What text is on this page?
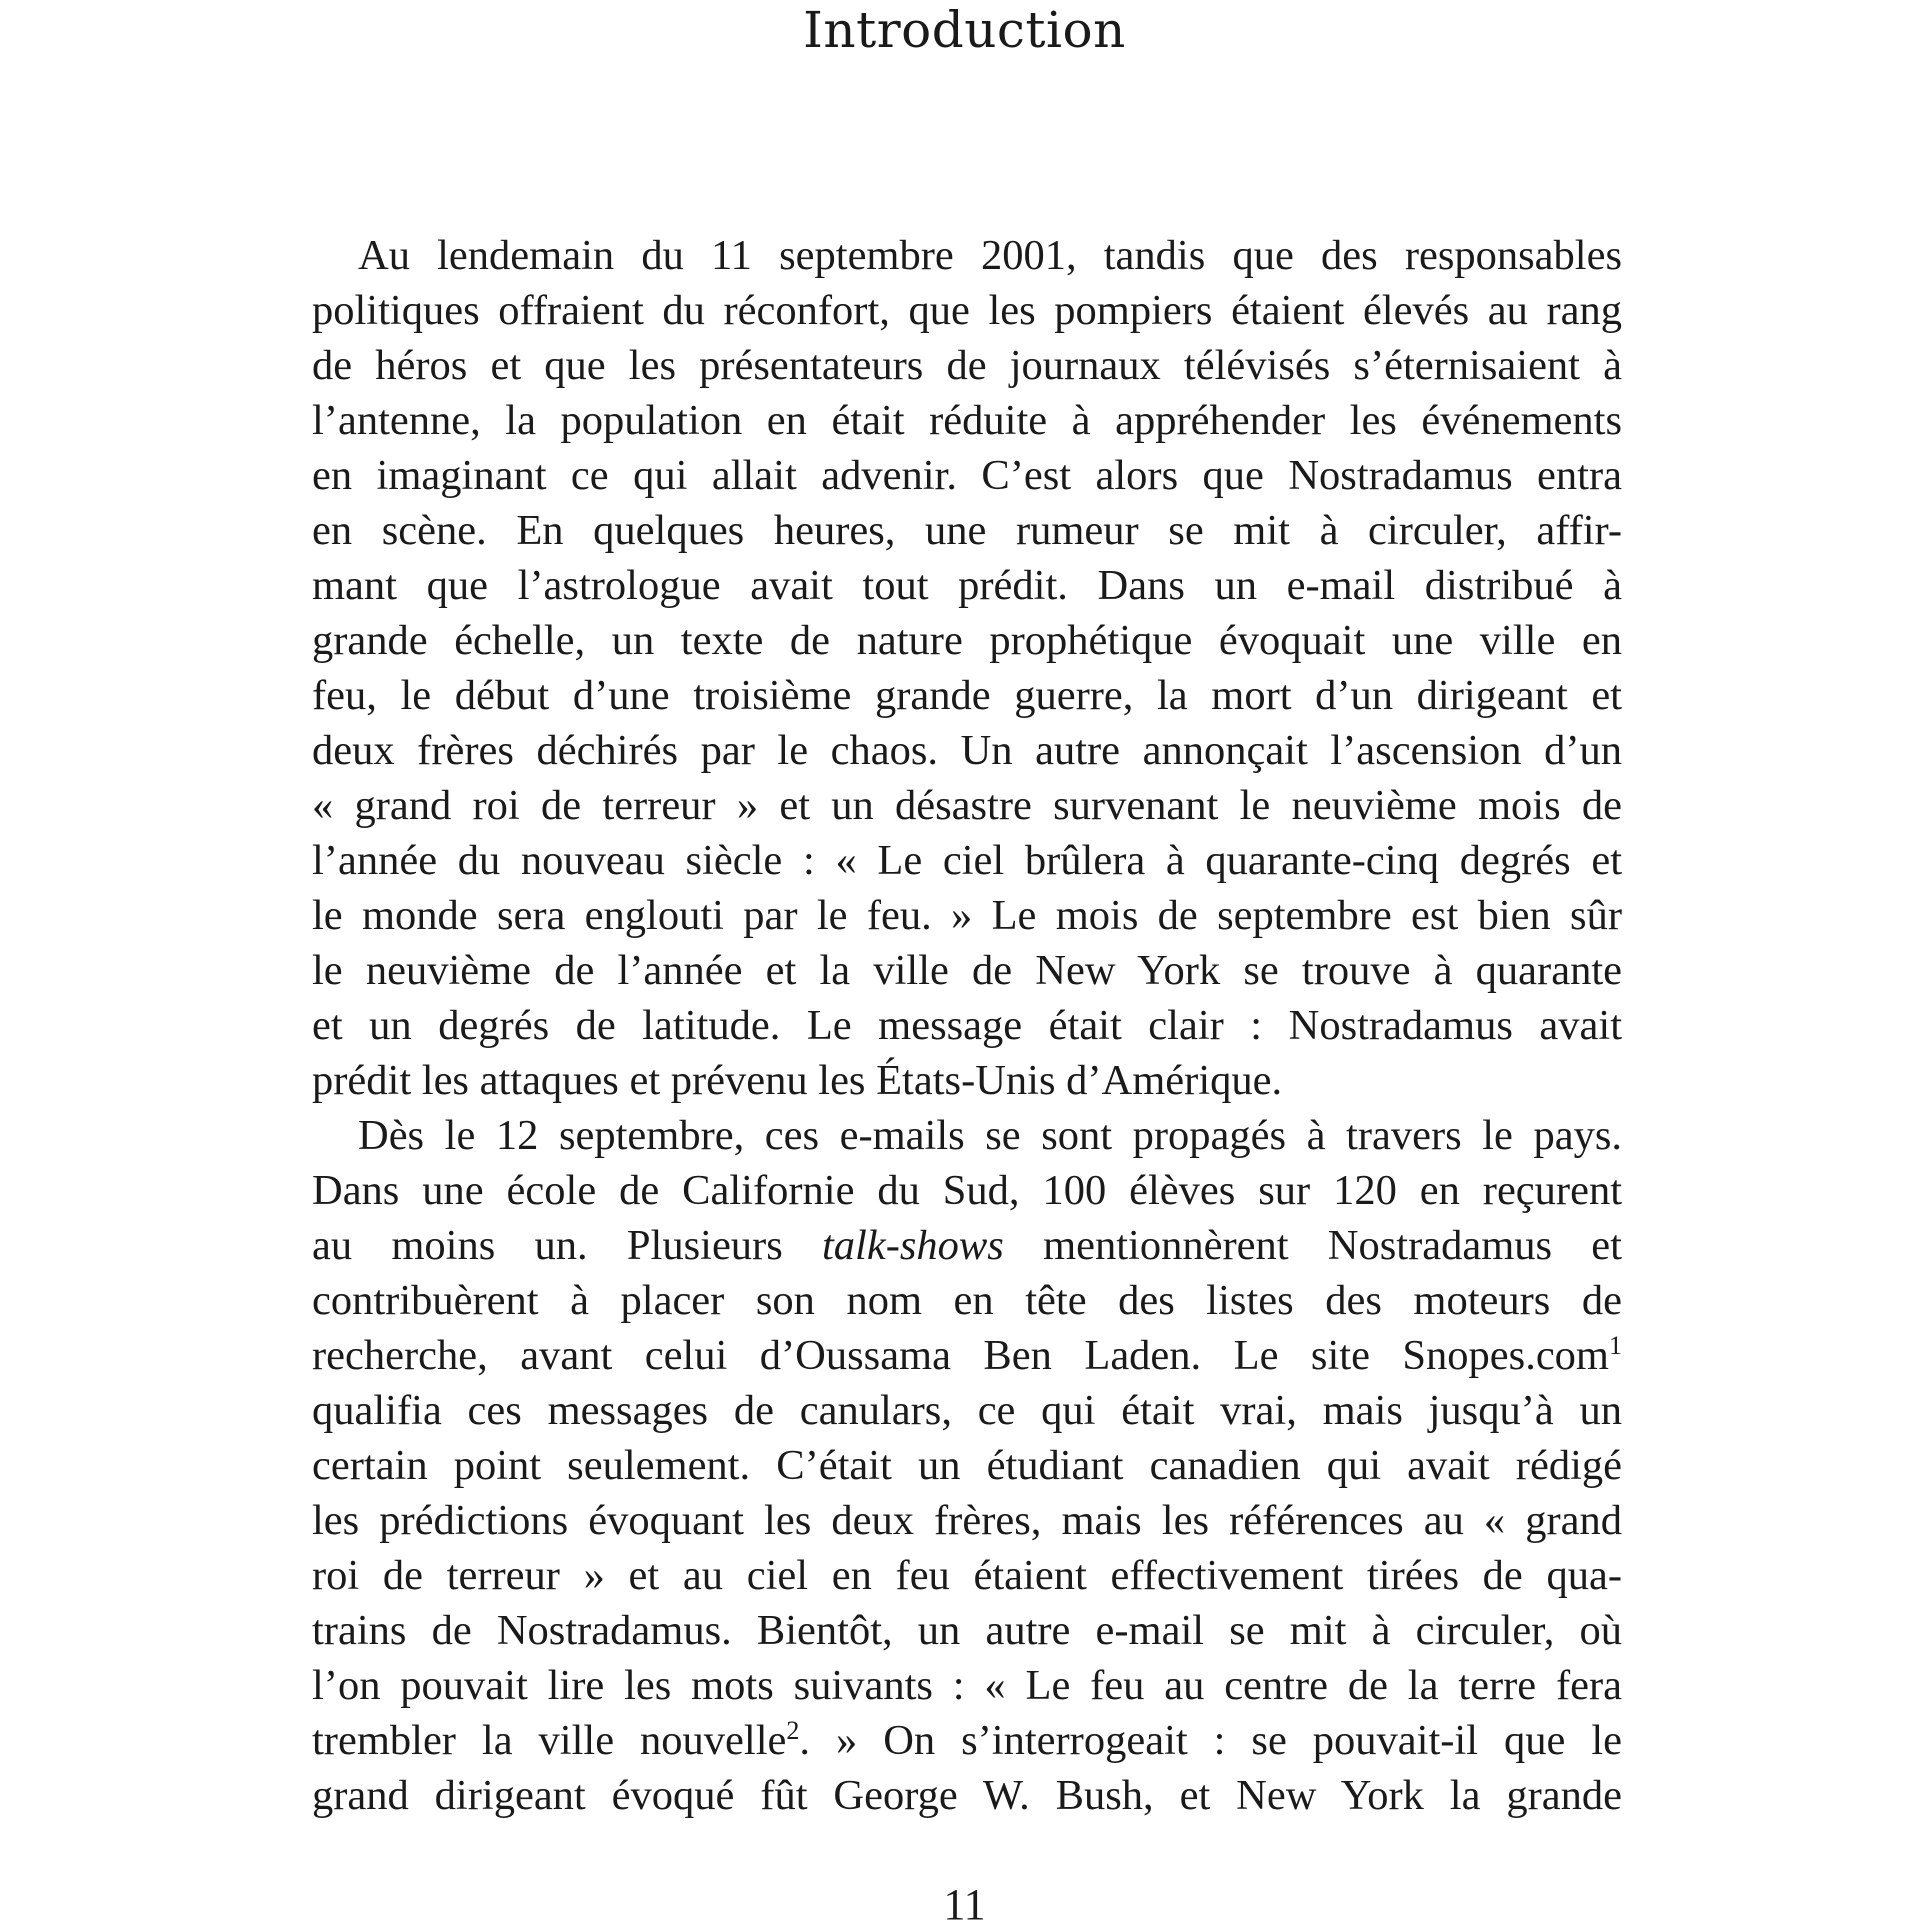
Introduction

Au lendemain du 11 septembre 2001, tandis que des responsables
politiques offraient du réconfort, que les pompiers étaient élevés au rang
de héros et que les présentateurs de journaux télévisés s’éternisaient à
l’antenne, la population en était réduite à appréhender les événements
en imaginant ce qui allait advenir. C’est alors que Nostradamus entra
en scène. En quelques heures, une rumeur se mit à circuler, affir-
mant que l’astrologue avait tout prédit. Dans un e-mail distribué à
grande échelle, un texte de nature prophétique évoquait une ville en
feu, le début d’une troisième grande guerre, la mort d’un dirigeant et
deux frères déchirés par le chaos. Un autre annonçait l’ascension d’un
« grand roi de terreur » et un désastre survenant le neuvième mois de
l’année du nouveau siècle : « Le ciel brûlera à quarante-cinq degrés et
le monde sera englouti par le feu. » Le mois de septembre est bien sûr
le neuvième de l’année et la ville de New York se trouve à quarante
et un degrés de latitude. Le message était clair : Nostradamus avait
prédit les attaques et prévenu les États-Unis d’Amérique.

Dès le 12 septembre, ces e-mails se sont propagés à travers le pays.
Dans une école de Californie du Sud, 100 élèves sur 120 en reçurent
au moins un. Plusieurs talk-shows mentionnèrent Nostradamus et
contribuèrent à placer son nom en tête des listes des moteurs de
recherche, avant celui d’Oussama Ben Laden. Le site Snopes.com$^1$
qualifia ces messages de canulars, ce qui était vrai, mais jusqu’à un
certain point seulement. C’était un étudiant canadien qui avait rédigé
les prédictions évoquant les deux frères, mais les références au « grand
roi de terreur » et au ciel en feu étaient effectivement tirées de qua-
trains de Nostradamus. Bientôt, un autre e-mail se mit à circuler, où
l’on pouvait lire les mots suivants : « Le feu au centre de la terre fera
trembler la ville nouvelle$^2$. » On s’interrogeait : se pouvait-il que le
grand dirigeant évoqué fût George W. Bush, et New York la grande

11
